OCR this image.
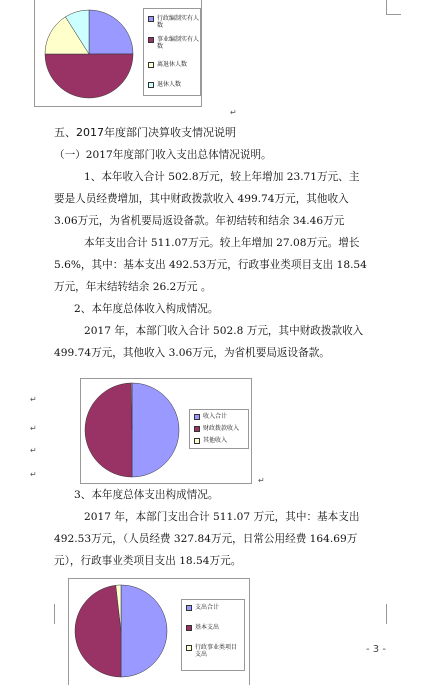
行政编制实有人数
事业编制实有人数
离退休人数
退休人数
↵
五、2017年度部门决算收支情况说明
（一）2017年度部门收入支出总体情况说明。
1、本年收入合计 502.8万元，较上年增加 23.71万元、主
要是人员经费增加，其中财政拨款收入 499.74万元，其他收入
3.06万元，为省机要局返设备款。年初结转和结余 34.46万元
本年支出合计 511.07万元。较上年增加 27.08万元。增长
5.6%，其中：基本支出 492.53万元，行政事业类项目支出 18.54
万元，年末结转结余 26.2万元 。
2、本年度总体收入构成情况。
2017 年，本部门收入合计 502.8 万元，其中财政拨款收入
499.74万元，其他收入 3.06万元，为省机要局返设备款。
收入合计
财政拨款收入
其他收入
↵
↵
↵
↵
↵
3、本年度总体支出构成情况。
2017 年，本部门支出合计 511.07 万元，其中：基本支出
492.53万元，（人员经费 327.84万元，日常公用经费 164.69万
元），行政事业类项目支出 18.54万元。
支出合计
基本支出
行政事业类项目支出	- 3 -
